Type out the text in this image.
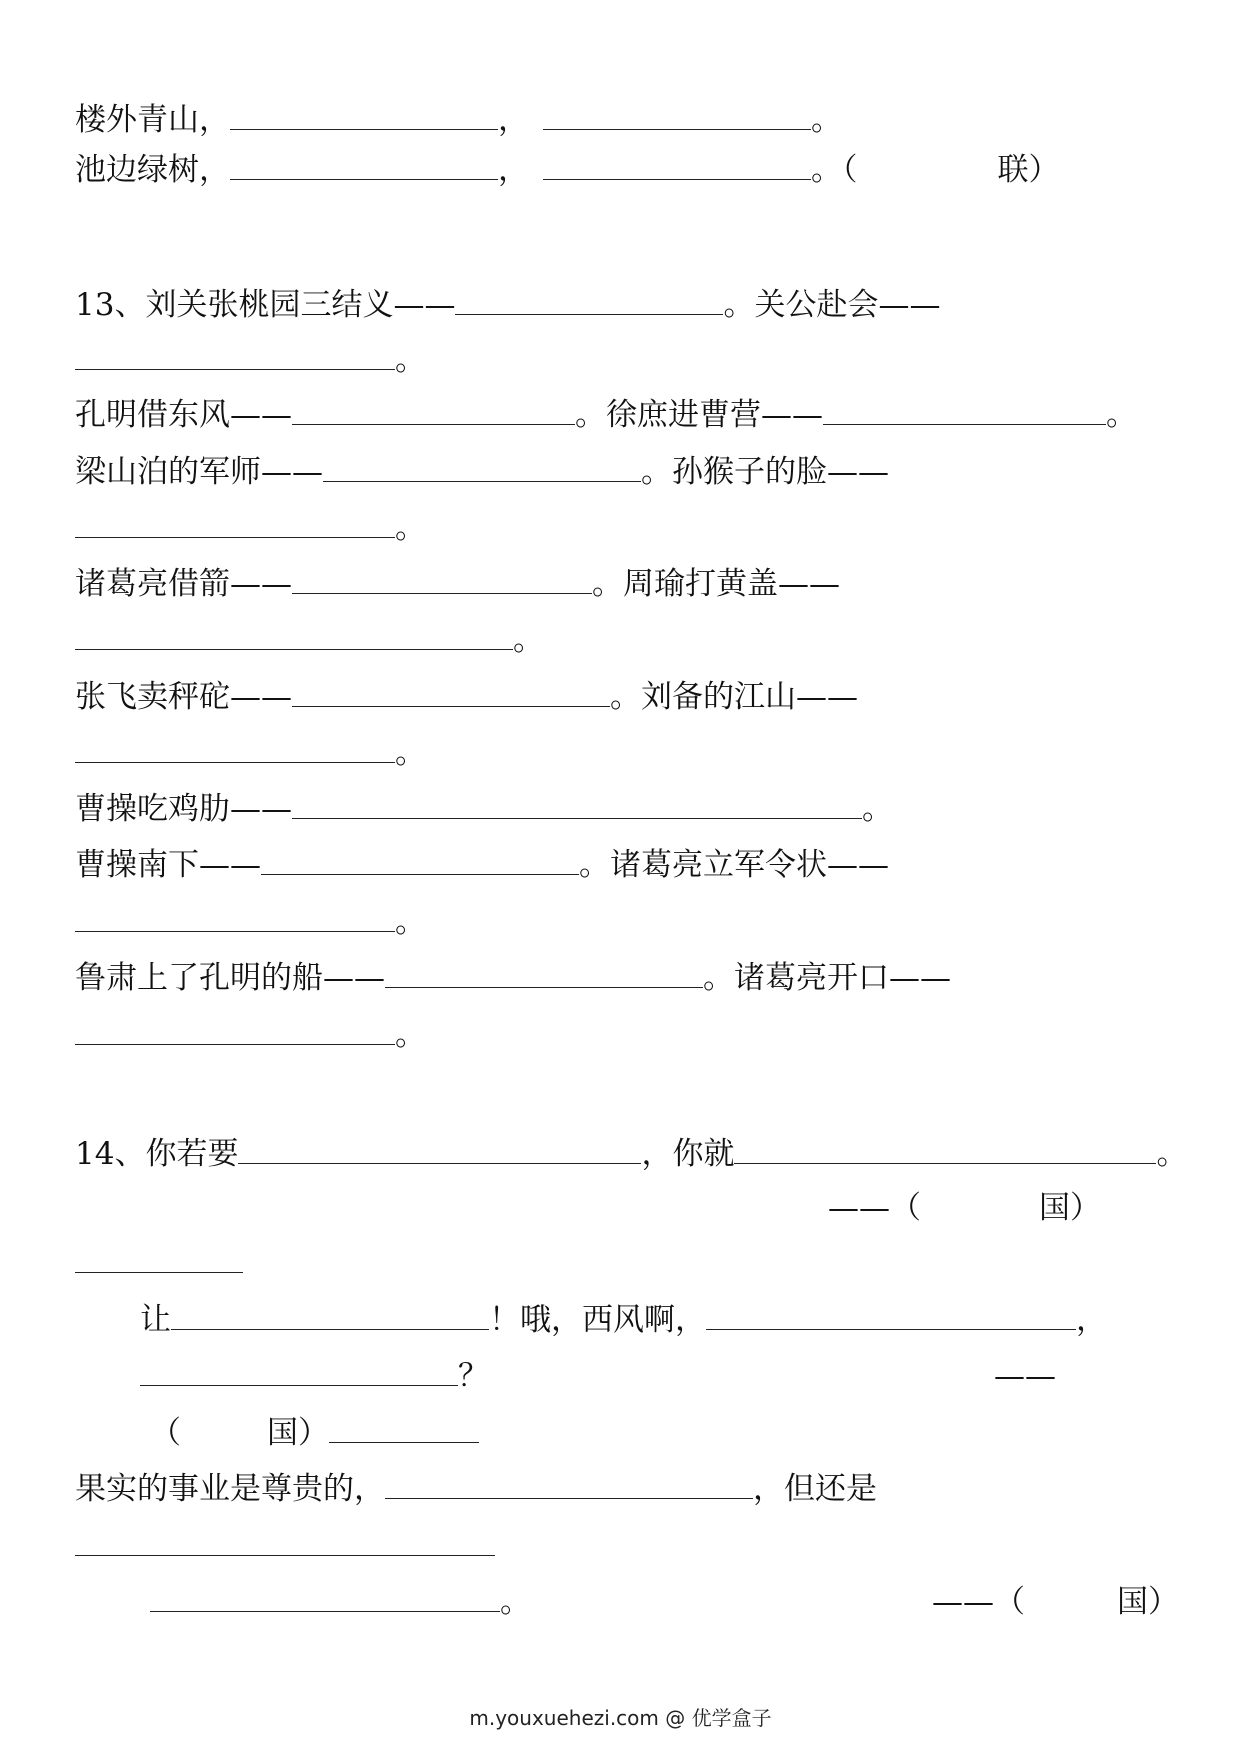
楼外青山，	，	。
池边绿树，	，	。（	联）
13、刘关张桃园三结义——	。关公赴会——
。
孔明借东风——	。徐庶进曹营——	。
梁山泊的军师——	。孙猴子的脸——
。
诸葛亮借箭——	。周瑜打黄盖——
。
张飞卖秤砣——	。刘备的江山——
。
曹操吃鸡肋——	。
曹操南下——	。诸葛亮立军令状——
。
鲁肃上了孔明的船——	。诸葛亮开口——
。
14、你若要	，你就	。
——（	国）
让	！哦，西风啊，	，
？	——
（	国）
果实的事业是尊贵的，	，但还是
。	——（	国）
m.youxuehezi.com @ 优学盒子
